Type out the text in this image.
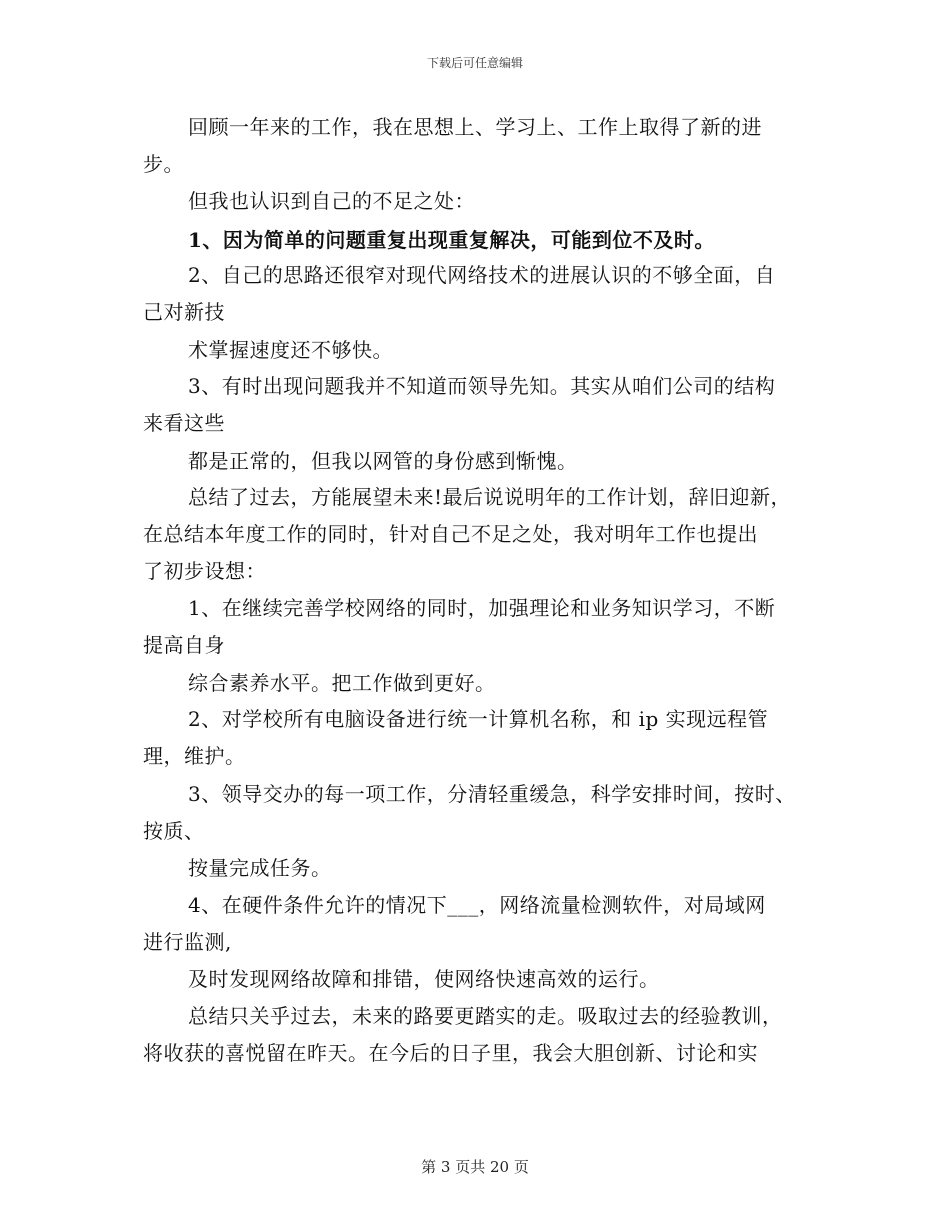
下载后可任意编辑
回顾一年来的工作，我在思想上、学习上、工作上取得了新的进
步。
但我也认识到自己的不足之处：
1、因为简单的问题重复出现重复解决，可能到位不及时。
2、自己的思路还很窄对现代网络技术的进展认识的不够全面，自
己对新技
术掌握速度还不够快。
3、有时出现问题我并不知道而领导先知。其实从咱们公司的结构
来看这些
都是正常的，但我以网管的身份感到惭愧。
总结了过去，方能展望未来!最后说说明年的工作计划，辞旧迎新，
在总结本年度工作的同时，针对自己不足之处，我对明年工作也提出
了初步设想：
1、在继续完善学校网络的同时，加强理论和业务知识学习，不断
提高自身
综合素养水平。把工作做到更好。
2、对学校所有电脑设备进行统一计算机名称，和 ip 实现远程管
理，维护。
3、领导交办的每一项工作，分清轻重缓急，科学安排时间，按时、
按质、
按量完成任务。
4、在硬件条件允许的情况下___，网络流量检测软件，对局域网
进行监测,
及时发现网络故障和排错，使网络快速高效的运行。
总结只关乎过去，未来的路要更踏实的走。吸取过去的经验教训，
将收获的喜悦留在昨天。在今后的日子里，我会大胆创新、讨论和实
第 3 页共 20 页
